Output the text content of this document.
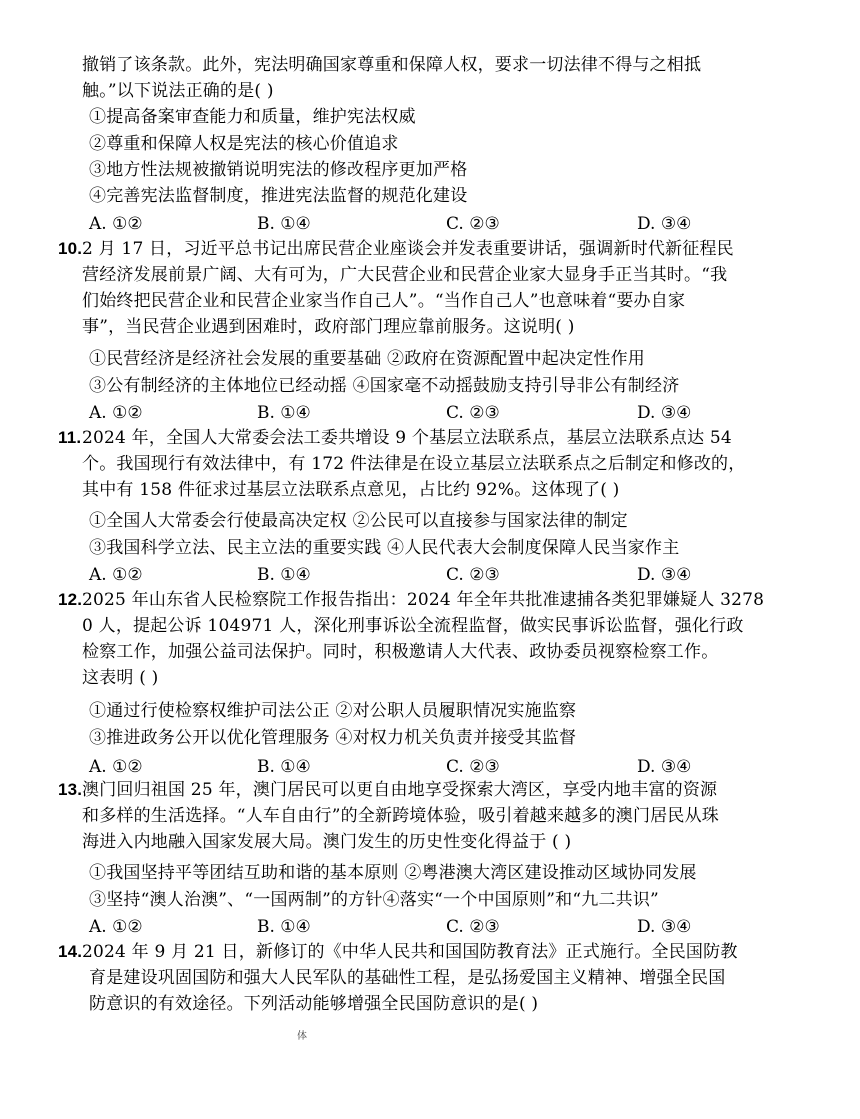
撤销了该条款。此外，宪法明确国家尊重和保障人权，要求一切法律不得与之相抵
触。”以下说法正确的是( )
①提高备案审查能力和质量，维护宪法权威
②尊重和保障人权是宪法的核心价值追求
③地方性法规被撤销说明宪法的修改程序更加严格
④完善宪法监督制度，推进宪法监督的规范化建设
A. ①②	B. ①④	C. ②③	D. ③④
10. 2 月 17 日，习近平总书记出席民营企业座谈会并发表重要讲话，强调新时代新征程民
营经济发展前景广阔、大有可为，广大民营企业和民营企业家大显身手正当其时。“我
们始终把民营企业和民营企业家当作自己人”。“当作自己人”也意味着“要办自家
事”，当民营企业遇到困难时，政府部门理应靠前服务。这说明( )
①民营经济是经济社会发展的重要基础 ②政府在资源配置中起决定性作用
③公有制经济的主体地位已经动摇 ④国家毫不动摇鼓励支持引导非公有制经济
A. ①②	B. ①④	C. ②③	D. ③④
11. 2024 年，全国人大常委会法工委共增设 9 个基层立法联系点，基层立法联系点达 54
个。我国现行有效法律中，有 172 件法律是在设立基层立法联系点之后制定和修改的，
其中有 158 件征求过基层立法联系点意见，占比约 92%。这体现了( )
①全国人大常委会行使最高决定权 ②公民可以直接参与国家法律的制定
③我国科学立法、民主立法的重要实践 ④人民代表大会制度保障人民当家作主
A. ①②	B. ①④	C. ②③	D. ③④
12. 2025 年山东省人民检察院工作报告指出：2024 年全年共批准逮捕各类犯罪嫌疑人 3278
0 人，提起公诉 104971 人，深化刑事诉讼全流程监督，做实民事诉讼监督，强化行政
检察工作，加强公益司法保护。同时，积极邀请人大代表、政协委员视察检察工作。
这表明 ( )
①通过行使检察权维护司法公正 ②对公职人员履职情况实施监察
③推进政务公开以优化管理服务 ④对权力机关负责并接受其监督
A. ①②	B. ①④	C. ②③	D. ③④
13. 澳门回归祖国 25 年，澳门居民可以更自由地享受探索大湾区，享受内地丰富的资源
和多样的生活选择。“人车自由行”的全新跨境体验，吸引着越来越多的澳门居民从珠
海进入内地融入国家发展大局。澳门发生的历史性变化得益于 ( )
①我国坚持平等团结互助和谐的基本原则 ②粤港澳大湾区建设推动区域协同发展
③坚持“澳人治澳”、“一国两制”的方针④落实“一个中国原则”和“九二共识”
A. ①②	B. ①④	C. ②③	D. ③④
14. 2024 年 9 月 21 日，新修订的《中华人民共和国国防教育法》正式施行。全民国防教
育是建设巩固国防和强大人民军队的基础性工程，是弘扬爱国主义精神、增强全民国
防意识的有效途径。下列活动能够增强全民国防意识的是( )
体
